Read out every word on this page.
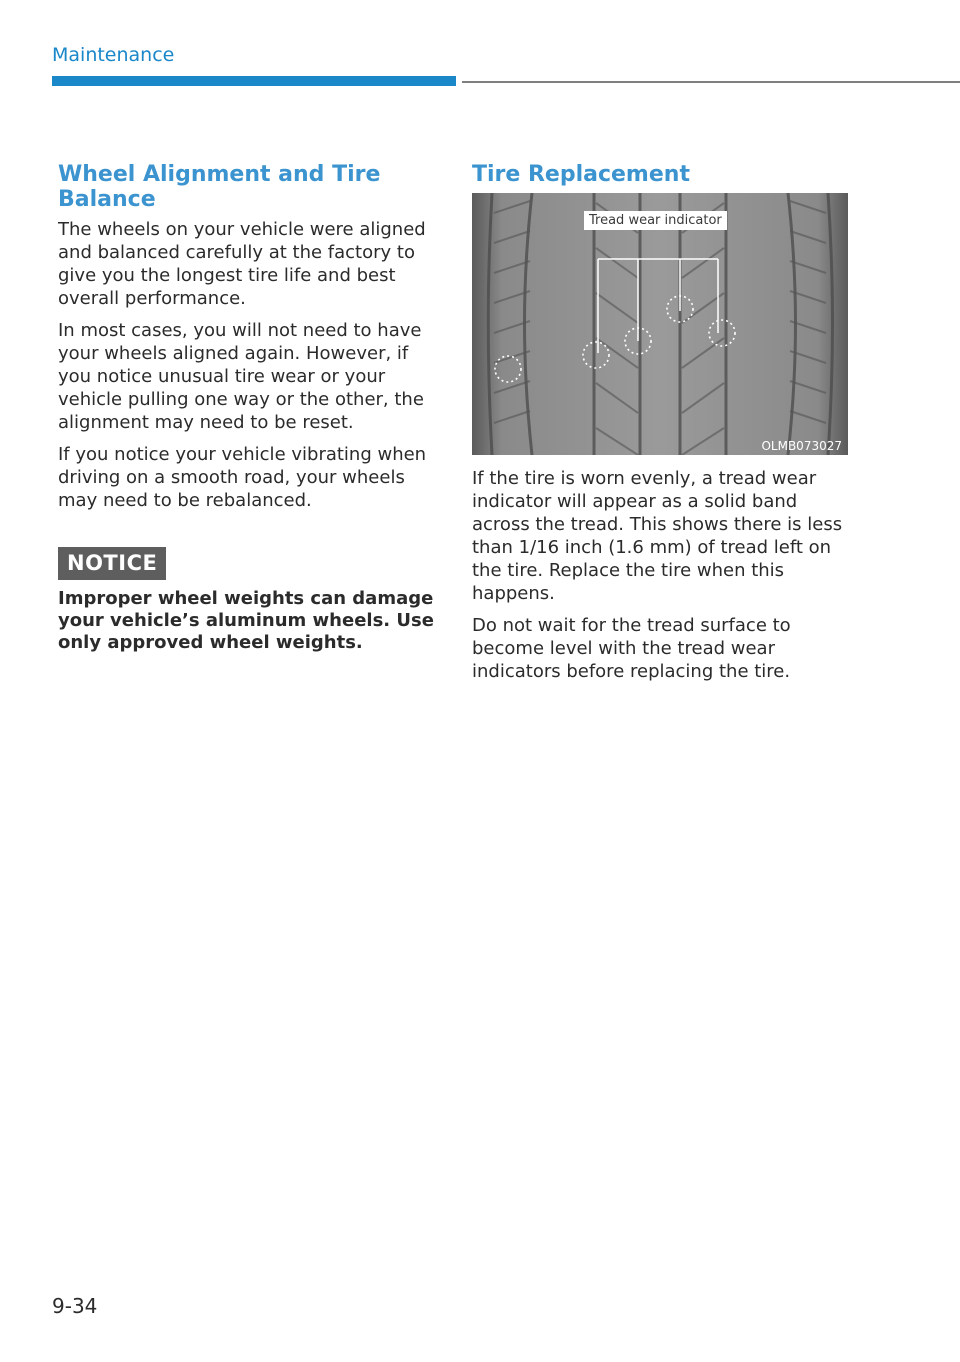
Maintenance
Wheel Alignment and Tire Balance

The wheels on your vehicle were aligned and balanced carefully at the factory to give you the longest tire life and best overall performance.

In most cases, you will not need to have your wheels aligned again. However, if you notice unusual tire wear or your vehicle pulling one way or the other, the alignment may need to be reset.

If you notice your vehicle vibrating when driving on a smooth road, your wheels may need to be rebalanced.

NOTICE

Improper wheel weights can damage your vehicle’s aluminum wheels. Use only approved wheel weights.

Tire Replacement
Tread wear indicator
OLMB073027

If the tire is worn evenly, a tread wear indicator will appear as a solid band across the tread. This shows there is less than 1/16 inch (1.6 mm) of tread left on the tire. Replace the tire when this happens.

Do not wait for the tread surface to become level with the tread wear indicators before replacing the tire.

9-34
